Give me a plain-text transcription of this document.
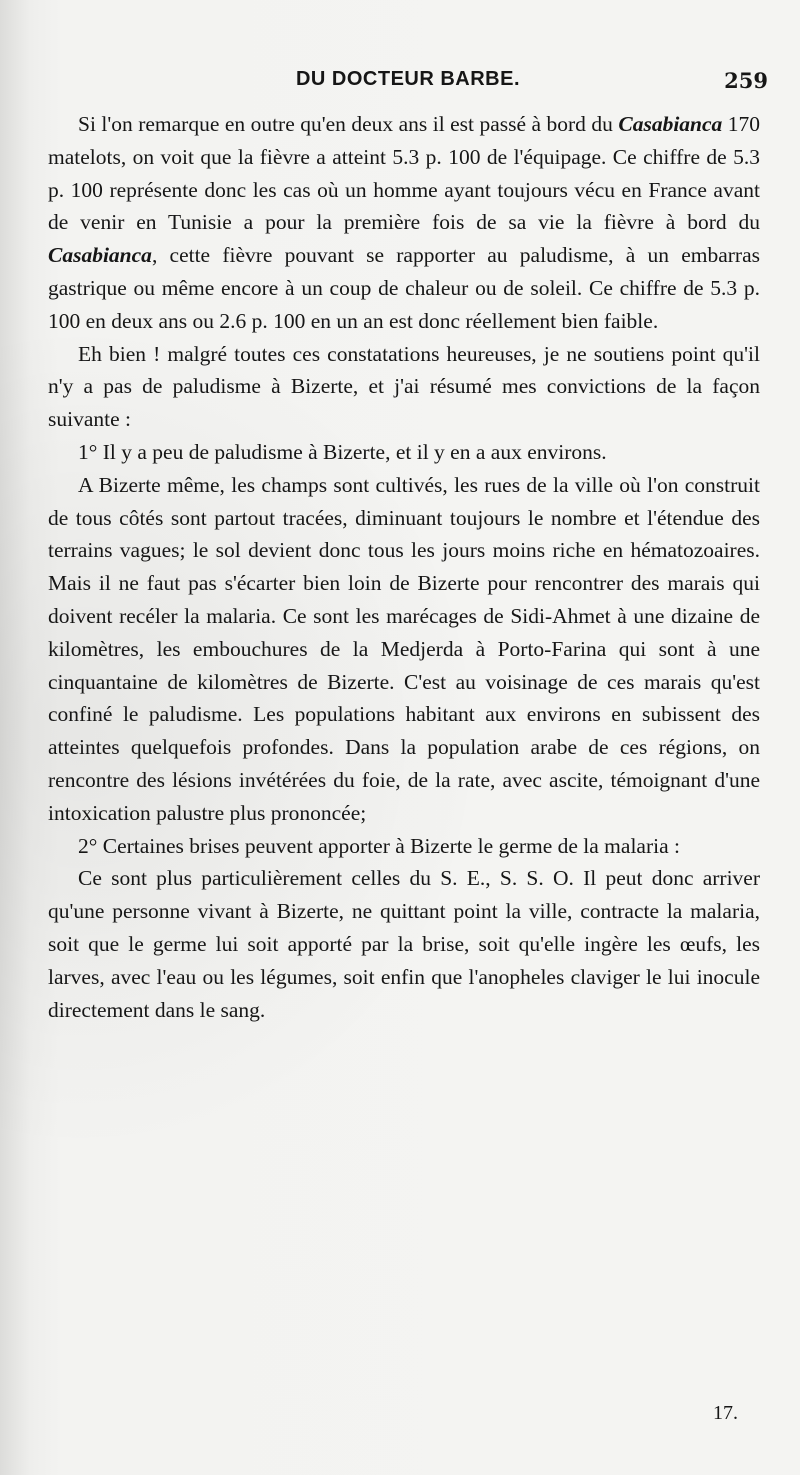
DU DOCTEUR BARBE.	259

Si l'on remarque en outre qu'en deux ans il est passé à bord du Casabianca 170 matelots, on voit que la fièvre a atteint 5.3 p. 100 de l'équipage. Ce chiffre de 5.3 p. 100 représente donc les cas où un homme ayant toujours vécu en France avant de venir en Tunisie a pour la première fois de sa vie la fièvre à bord du Casabianca, cette fièvre pouvant se rapporter au paludisme, à un embarras gastrique ou même encore à un coup de chaleur ou de soleil. Ce chiffre de 5.3 p. 100 en deux ans ou 2.6 p. 100 en un an est donc réellement bien faible.

Eh bien ! malgré toutes ces constatations heureuses, je ne soutiens point qu'il n'y a pas de paludisme à Bizerte, et j'ai résumé mes convictions de la façon suivante :

1° Il y a peu de paludisme à Bizerte, et il y en a aux environs.

A Bizerte même, les champs sont cultivés, les rues de la ville où l'on construit de tous côtés sont partout tracées, diminuant toujours le nombre et l'étendue des terrains vagues; le sol devient donc tous les jours moins riche en hématozoaires. Mais il ne faut pas s'écarter bien loin de Bizerte pour rencontrer des marais qui doivent recéler la malaria. Ce sont les marécages de Sidi-Ahmet à une dizaine de kilomètres, les embouchures de la Medjerda à Porto-Farina qui sont à une cinquantaine de kilomètres de Bizerte. C'est au voisinage de ces marais qu'est confiné le paludisme. Les populations habitant aux environs en subissent des atteintes quelquefois profondes. Dans la population arabe de ces régions, on rencontre des lésions invétérées du foie, de la rate, avec ascite, témoignant d'une intoxication palustre plus prononcée;

2° Certaines brises peuvent apporter à Bizerte le germe de la malaria :

Ce sont plus particulièrement celles du S. E., S. S. O. Il peut donc arriver qu'une personne vivant à Bizerte, ne quittant point la ville, contracte la malaria, soit que le germe lui soit apporté par la brise, soit qu'elle ingère les œufs, les larves, avec l'eau ou les légumes, soit enfin que l'anopheles claviger le lui inocule directement dans le sang.

17.
